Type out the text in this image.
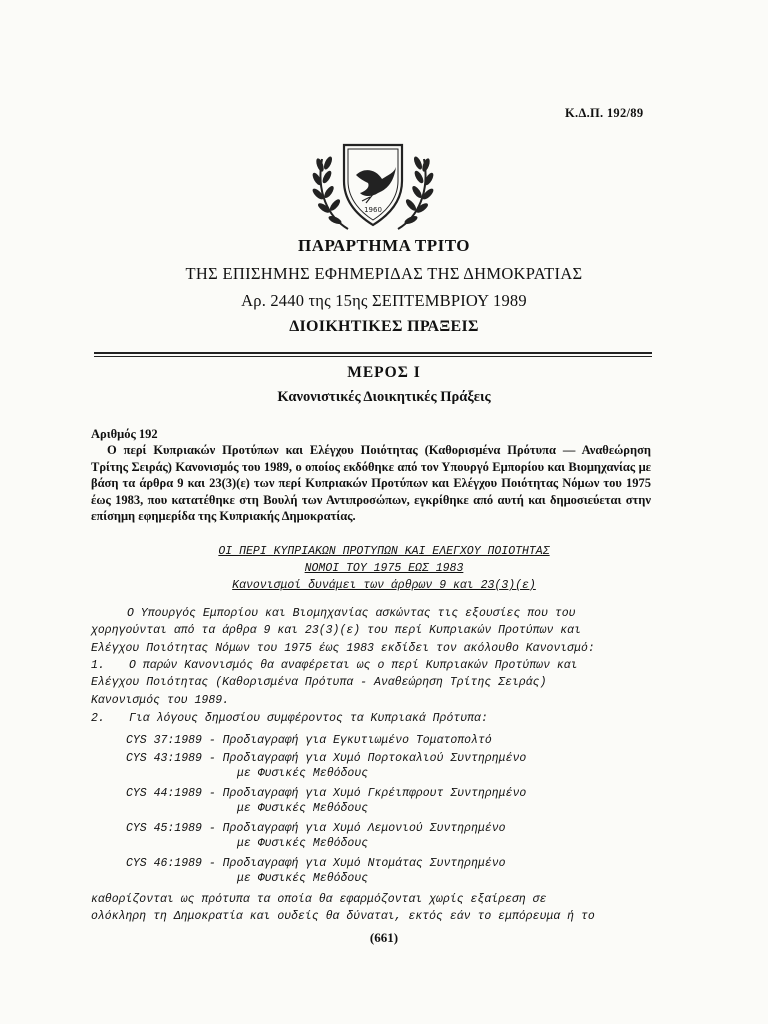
Κ.Δ.Π. 192/89
1960
ΠΑΡΑΡΤΗΜΑ ΤΡΙΤΟ
ΤΗΣ ΕΠΙΣΗΜΗΣ ΕΦΗΜΕΡΙΔΑΣ ΤΗΣ ΔΗΜΟΚΡΑΤΙΑΣ
Αρ. 2440 της 15ης ΣΕΠΤΕΜΒΡΙΟΥ 1989
ΔΙΟΙΚΗΤΙΚΕΣ ΠΡΑΞΕΙΣ
ΜΕΡΟΣ Ι
Κανονιστικές Διοικητικές Πράξεις
Αριθμός 192

Ο περί Κυπριακών Προτύπων και Ελέγχου Ποιότητας (Καθορισμένα Πρότυπα — Αναθεώρηση Τρίτης Σειράς) Κανονισμός του 1989, ο οποίος εκδόθηκε από τον Υπουργό Εμπορίου και Βιομηχανίας με βάση τα άρθρα 9 και 23(3)(ε) των περί Κυπριακών Προτύπων και Ελέγχου Ποιότητας Νόμων του 1975 έως 1983, που κατατέθηκε στη Βουλή των Αντιπροσώπων, εγκρίθηκε από αυτή και δημοσιεύεται στην επίσημη εφημερίδα της Κυπριακής Δημοκρατίας.

ΟΙ ΠΕΡΙ ΚΥΠΡΙΑΚΩΝ ΠΡΟΤΥΠΩΝ ΚΑΙ ΕΛΕΓΧΟΥ ΠΟΙΟΤΗΤΑΣ
ΝΟΜΟΙ ΤΟΥ 1975 ΕΩΣ 1983
Κανονισμοί δυνάμει των άρθρων 9 και 23(3)(ε)
Ο Υπουργός Εμπορίου και Βιομηχανίας ασκώντας τις εξουσίες που του
χορηγούνται από τα άρθρα 9 και 23(3)(ε) του περί Κυπριακών Προτύπων και
Ελέγχου Ποιότητας Νόμων του 1975 έως 1983 εκδίδει τον ακόλουθο Κανονισμό:
1. Ο παρών Κανονισμός θα αναφέρεται ως ο περί Κυπριακών Προτύπων και
Ελέγχου Ποιότητας (Καθορισμένα Πρότυπα - Αναθεώρηση Τρίτης Σειράς)
Κανονισμός του 1989.
2. Για λόγους δημοσίου συμφέροντος τα Κυπριακά Πρότυπα:
CYS 37:1989 - Προδιαγραφή για Εγκυτιωμένο Τοματοπολτό
CYS 43:1989 - Προδιαγραφή για Χυμό Πορτοκαλιού Συντηρημένο
με Φυσικές Μεθόδους
CYS 44:1989 - Προδιαγραφή για Χυμό Γκρέιπφρουτ Συντηρημένο
με Φυσικές Μεθόδους
CYS 45:1989 - Προδιαγραφή για Χυμό Λεμονιού Συντηρημένο
με Φυσικές Μεθόδους
CYS 46:1989 - Προδιαγραφή για Χυμό Ντομάτας Συντηρημένο
με Φυσικές Μεθόδους
καθορίζονται ως πρότυπα τα οποία θα εφαρμόζονται χωρίς εξαίρεση σε
ολόκληρη τη Δημοκρατία και ουδείς θα δύναται, εκτός εάν το εμπόρευμα ή το
(661)
